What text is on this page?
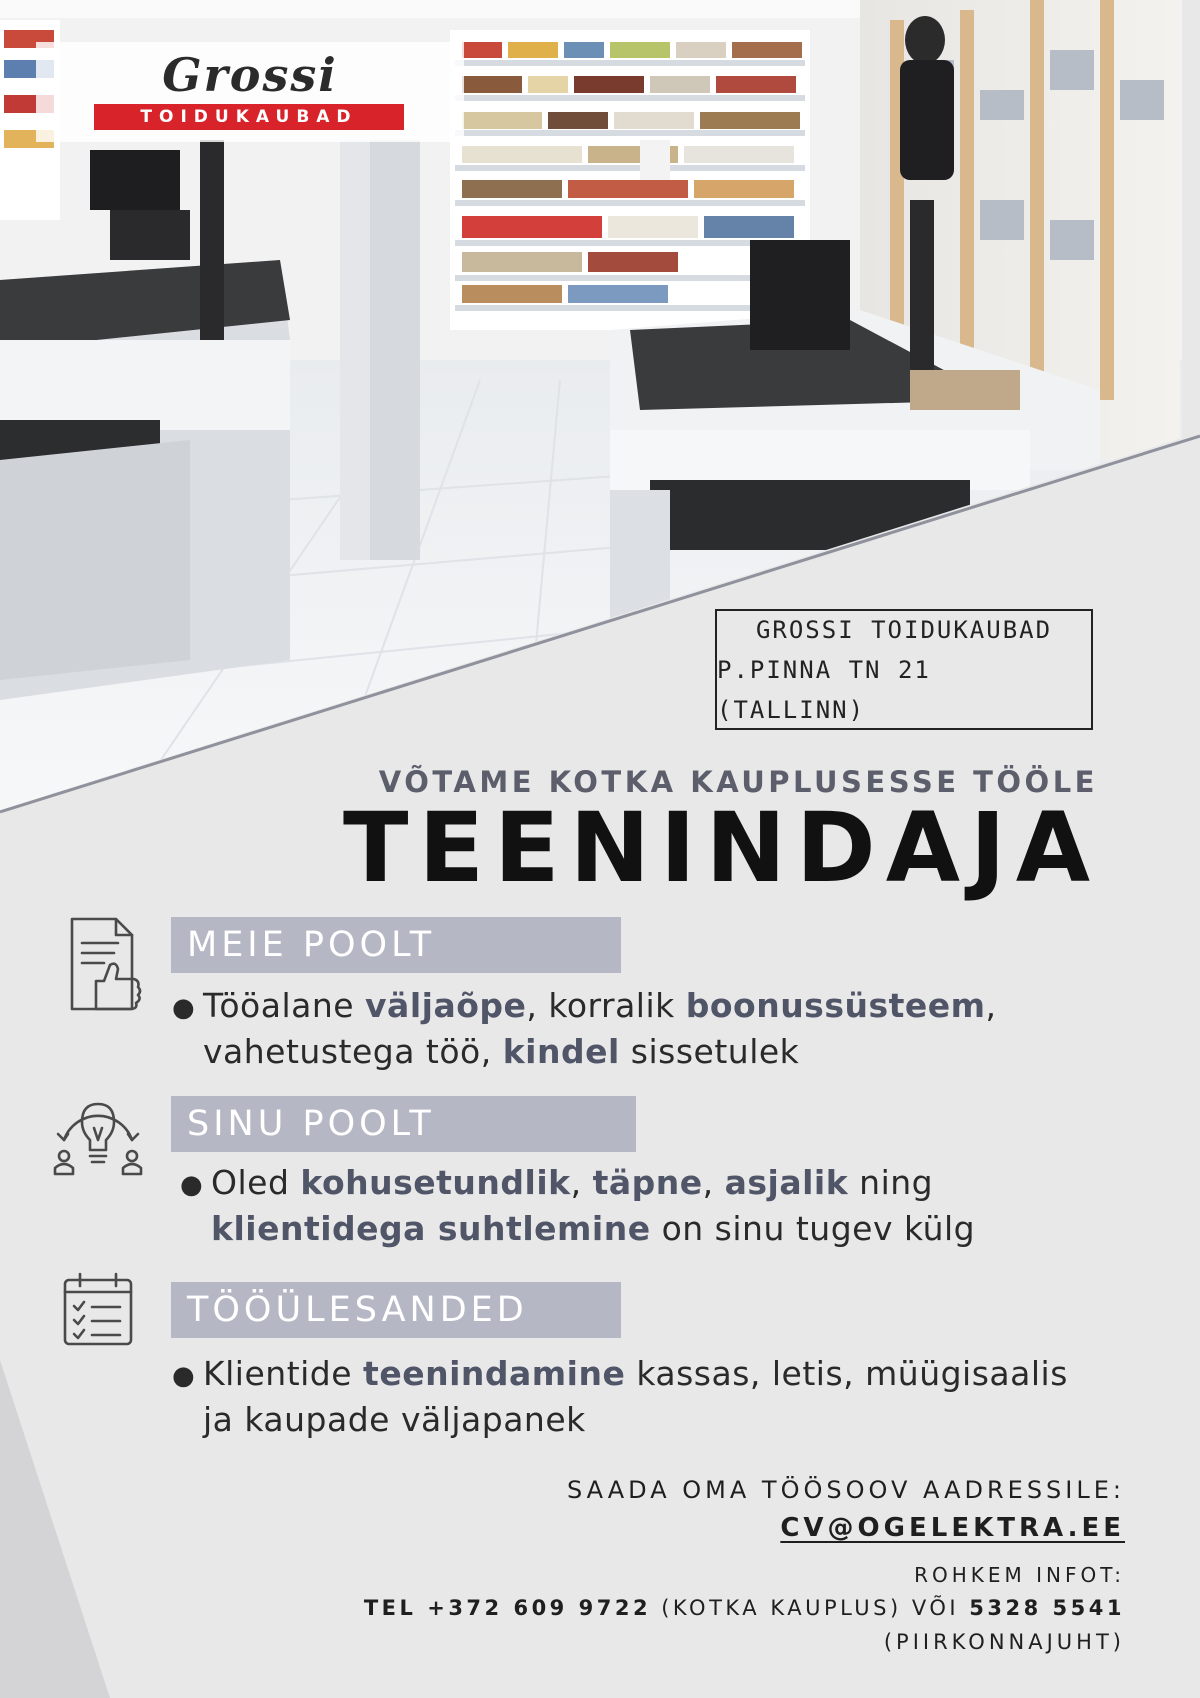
Grossi
TOIDUKAUBAD
GROSSI TOIDUKAUBAD
P.PINNA TN 21 (TALLINN)
VÕTAME KOTKA KAUPLUSESSE TÖÖLE
TEENINDAJA
MEIE POOLT
● Tööalane väljaõpe, korralik boonussüsteem,
vahetustega töö, kindel sissetulek
SINU POOLT
● Oled kohusetundlik, täpne, asjalik ning
klientidega suhtlemine on sinu tugev külg
TÖÖÜLESANDED
● Klientide teenindamine kassas, letis, müügisaalis
ja kaupade väljapanek
SAADA OMA TÖÖSOOV AADRESSILE:
CV@OGELEKTRA.EE
ROHKEM INFOT:
TEL +372 609 9722 (KOTKA KAUPLUS) VÕI 5328 5541
(PIIRKONNAJUHT)
